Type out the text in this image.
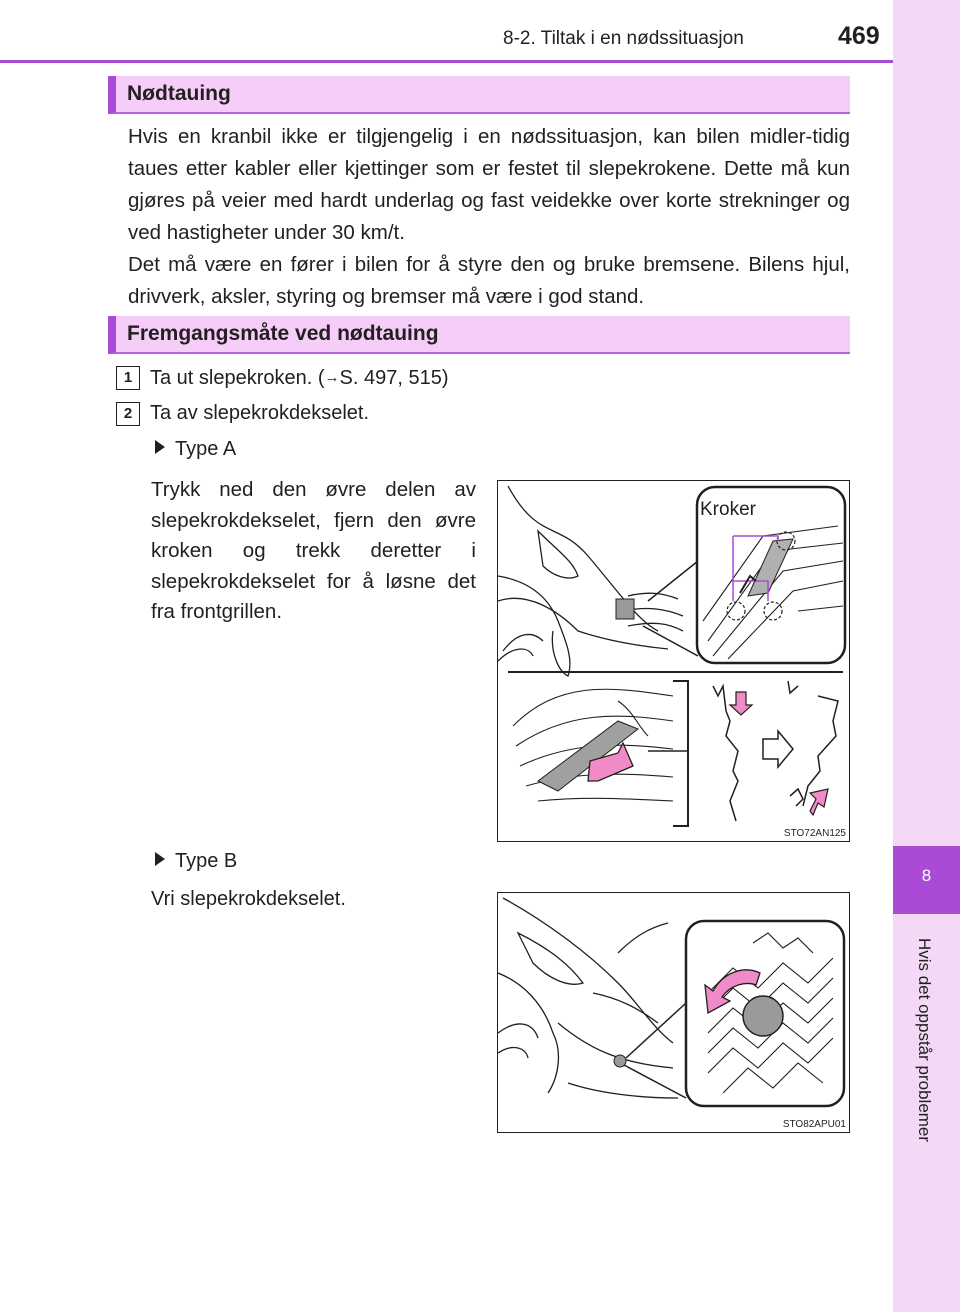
8-2. Tiltak i en nødssituasjon	469
8
Hvis det oppstår problemer
Nødtauing

Hvis en kranbil ikke er tilgjengelig i en nødssituasjon, kan bilen midler-tidig taues etter kabler eller kjettinger som er festet til slepekrokene. Dette må kun gjøres på veier med hardt underlag og fast veidekke over korte strekninger og ved hastigheter under 30 km/t.

Det må være en fører i bilen for å styre den og bruke bremsene. Bilens hjul, drivverk, aksler, styring og bremser må være i god stand.

Fremgangsmåte ved nødtauing
1 Ta ut slepekroken. (→S. 497, 515)
2 Ta av slepekrokdekselet.
Type A
Trykk ned den øvre delen av slepekrokdekselet, fjern den øvre kroken og trekk deretter i slepekrokdekselet for å løsne det fra frontgrillen.
Kroker
STO72AN125
Type B
Vri slepekrokdekselet.
STO82APU01
